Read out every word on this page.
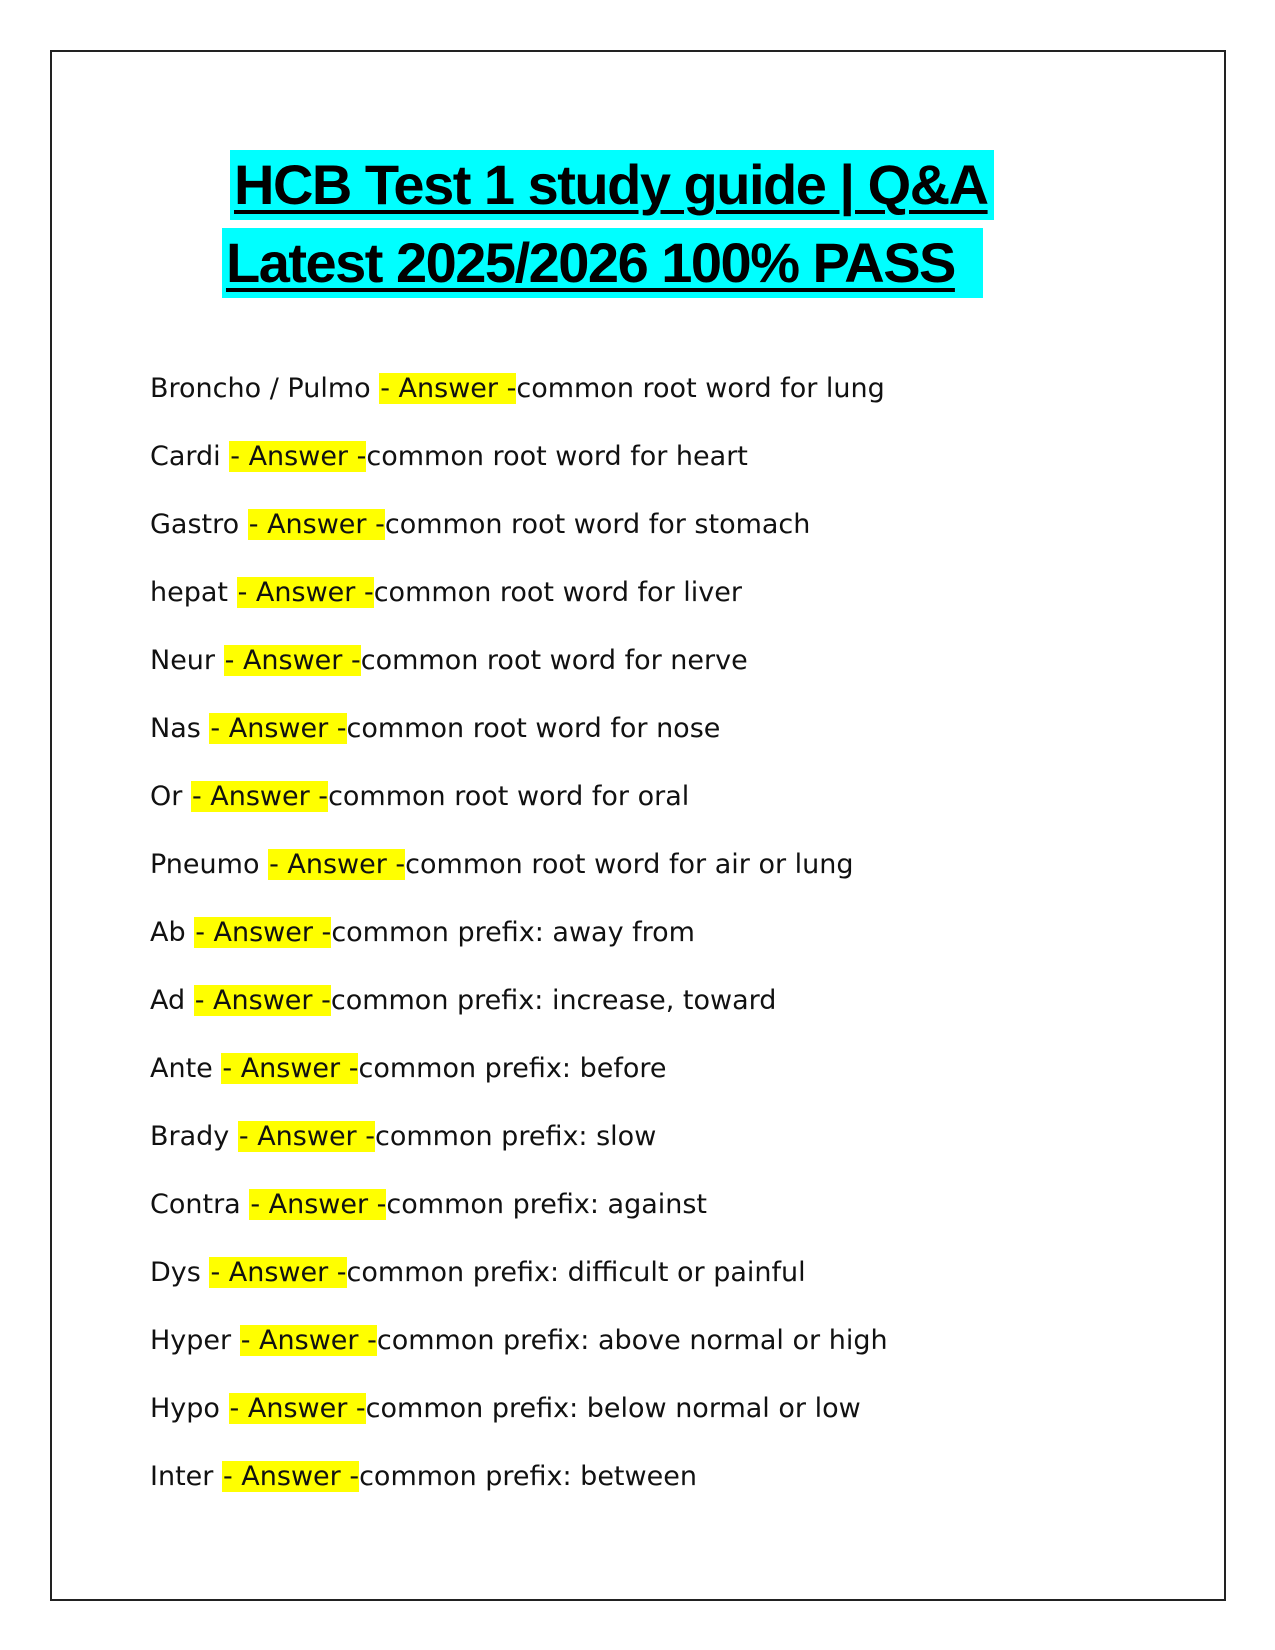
HCB Test 1 study guide | Q&A
Latest 2025/2026 100% PASS
Broncho / Pulmo - Answer -common root word for lung
Cardi - Answer -common root word for heart
Gastro - Answer -common root word for stomach
hepat - Answer -common root word for liver
Neur - Answer -common root word for nerve
Nas - Answer -common root word for nose
Or - Answer -common root word for oral
Pneumo - Answer -common root word for air or lung
Ab - Answer -common prefix: away from
Ad - Answer -common prefix: increase, toward
Ante - Answer -common prefix: before
Brady - Answer -common prefix: slow
Contra - Answer -common prefix: against
Dys - Answer -common prefix: difficult or painful
Hyper - Answer -common prefix: above normal or high
Hypo - Answer -common prefix: below normal or low
Inter - Answer -common prefix: between
